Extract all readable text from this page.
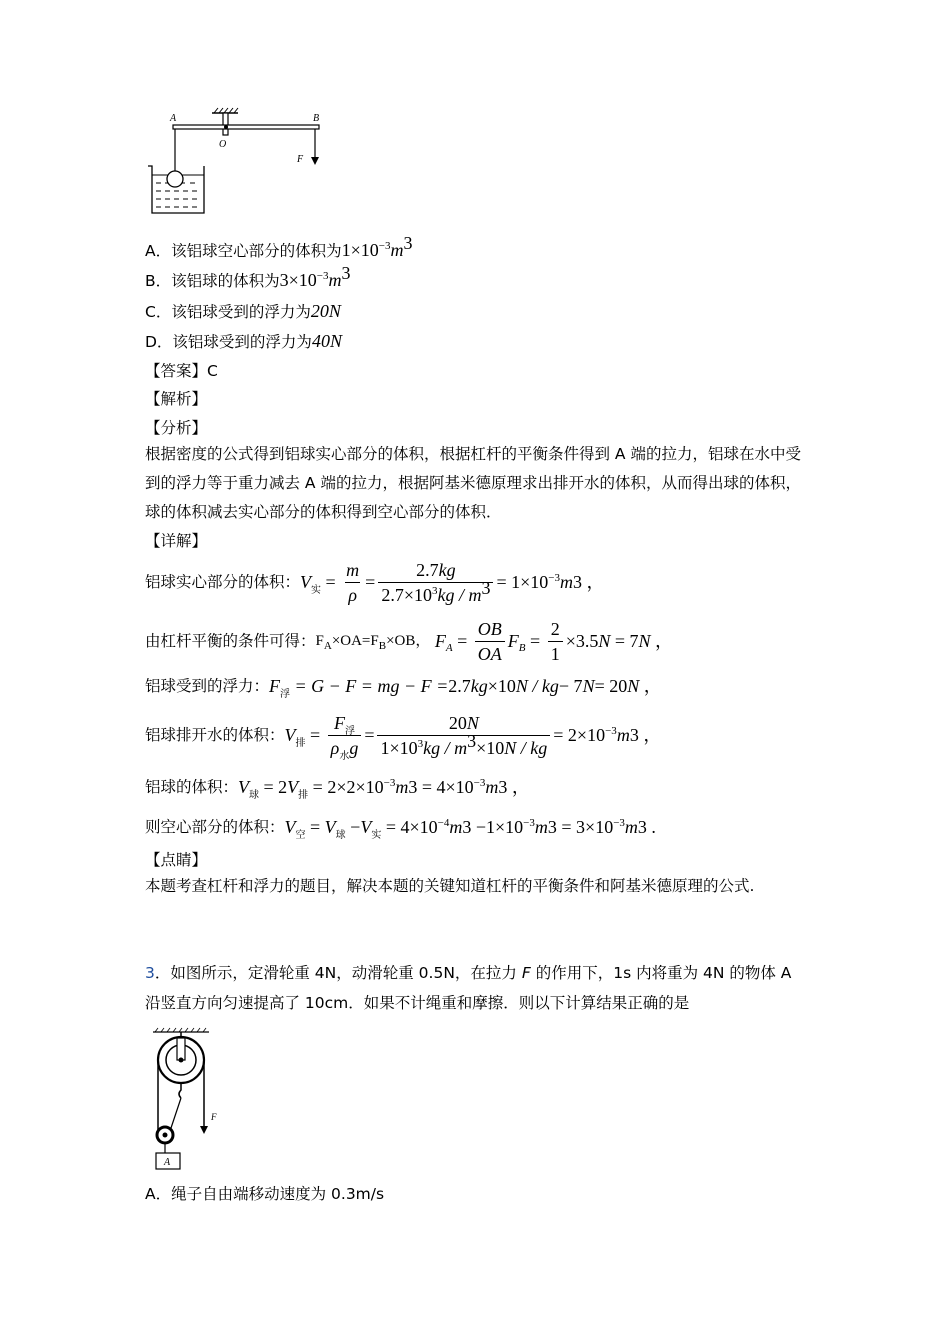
A	B
O
F
A．该铝球空心部分的体积为$1\times 10^{-3}m^3$
B．该铝球的体积为$3\times 10^{-3}m^3$
C．该铝球受到的浮力为20N
D．该铝球受到的浮力为40N
【答案】C
【解析】
【分析】
根据密度的公式得到铝球实心部分的体积，根据杠杆的平衡条件得到 A 端的拉力，铝球在水中受到的浮力等于重力减去 A 端的拉力，根据阿基米德原理求出排开水的体积，从而得出球的体积，球的体积减去实心部分的体积得到空心部分的体积．
【详解】
铝球实心部分的体积： $V_实 = \frac{m}{\rho} = \frac{2.7kg}{2.7\times 10^3kg / m^3} = 1\times 10^{-3}$ m 3 ，
由杠杆平衡的条件可得： $F_A\times OA=F_B\times OB$， $F_A = \frac{OB}{OA} F_B = \frac{2}{1} \times 3.5$ N = 7 N ，
铝球受到的浮力： $F_浮 = G - F$ = mg − F = 2.7 kg ×10 N / kg − 7 N = 20 N ，
铝球排开水的体积： $V_排 = \frac{F_浮}{\rho_水g} = \frac{20N}{1\times 10^3kg / m^3\times 10N / kg} = 2\times 10^{-3}$ m 3 ，
铝球的体积： $V_球 = 2$ $V_排 = 2\times 2\times 10^{-3}$ m $3 = 4\times 10^{-3}$ m 3 ，
则空心部分的体积： $V_空 = V_球 - V_实 = 4\times 10^{-4}$ m $3 -1\times 10^{-3}$ m $3 = 3\times 10^{-3}$ m 3 .
【点睛】
本题考查杠杆和浮力的题目，解决本题的关键知道杠杆的平衡条件和阿基米德原理的公式.
3．如图所示，定滑轮重 4N，动滑轮重 0.5N，在拉力 F 的作用下，1s 内将重为 4N 的物体 A 沿竖直方向匀速提高了 10cm．如果不计绳重和摩擦．则以下计算结果正确的是
F
A
A．绳子自由端移动速度为 0.3m/s
